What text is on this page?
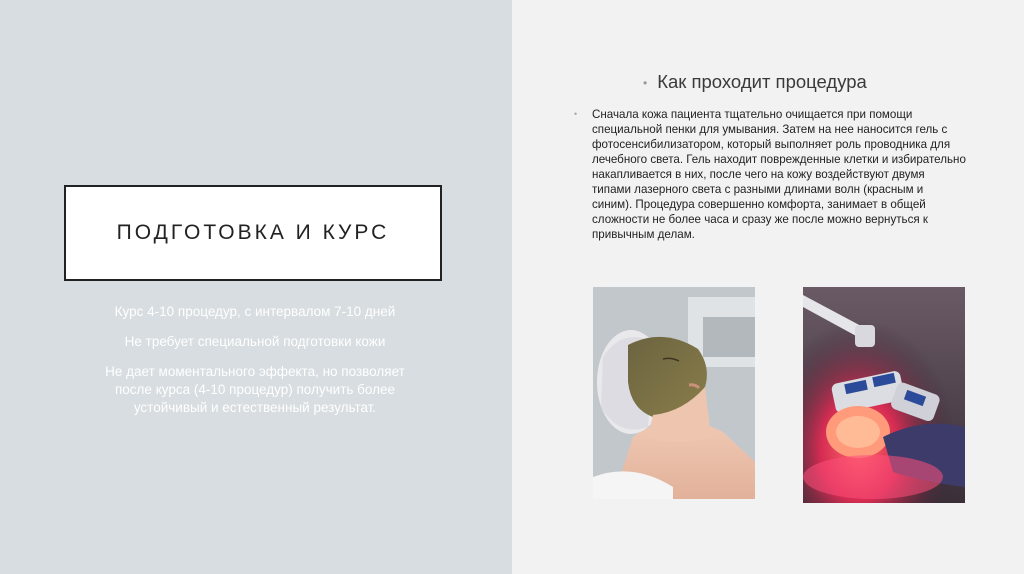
ПОДГОТОВКА И КУРС

Курс 4-10 процедур, с интервалом 7-10 дней

Не требует специальной подготовки кожи

Не дает моментального эффекта, но позволяет после курса (4-10 процедур) получить более устойчивый и естественный результат.

• Как проходит процедура
•	Сначала кожа пациента тщательно очищается при помощи специальной пенки для умывания. Затем на нее наносится гель с фотосенсибилизатором, который выполняет роль проводника для лечебного света. Гель находит поврежденные клетки и избирательно накапливается в них, после чего на кожу воздействуют двумя типами лазерного света с разными длинами волн (красным и синим). Процедура совершенно комфорта, занимает в общей сложности не более часа и сразу же после можно вернуться к привычным делам.
